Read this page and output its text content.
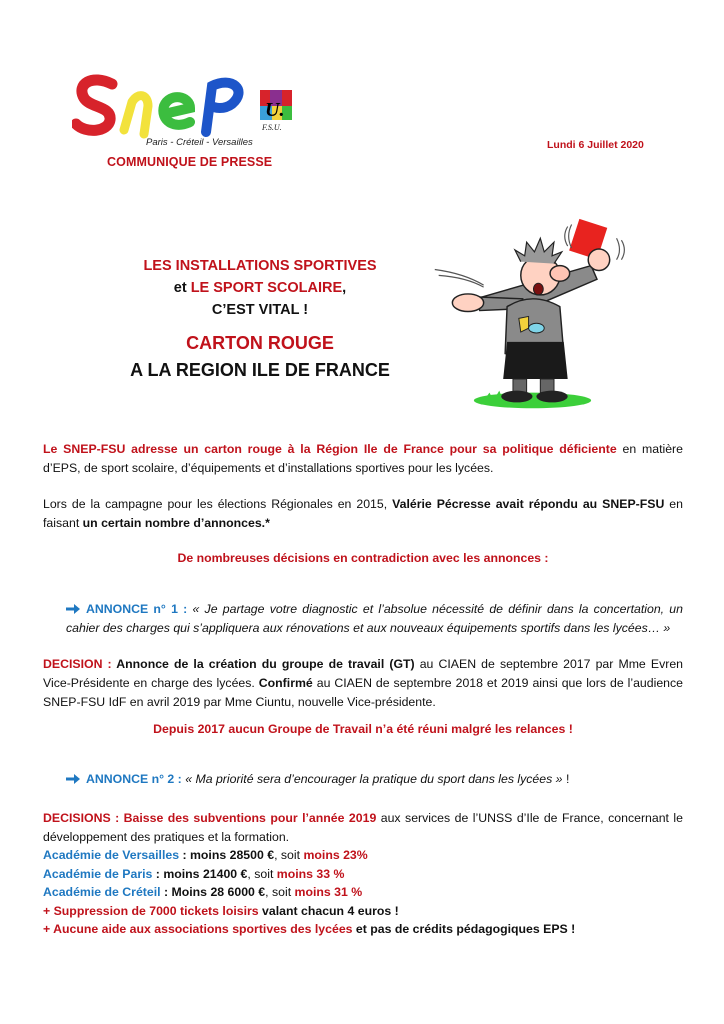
U.
F.S.U.
Paris - Créteil - Versailles
COMMUNIQUE DE PRESSE
Lundi 6 Juillet 2020
LES INSTALLATIONS SPORTIVES
et LE SPORT SCOLAIRE,
C’EST VITAL !
CARTON ROUGE
A LA REGION ILE DE FRANCE
Le SNEP-FSU adresse un carton rouge à la Région Ile de France pour sa politique déficiente en matière d’EPS, de sport scolaire, d’équipements et d’installations sportives pour les lycées.
Lors de la campagne pour les élections Régionales en 2015, Valérie Pécresse avait répondu au SNEP-FSU en faisant un certain nombre d’annonces.*
De nombreuses décisions en contradiction avec les annonces :
ANNONCE n° 1 : « Je partage votre diagnostic et l’absolue nécessité de définir dans la concertation, un cahier des charges qui s’appliquera aux rénovations et aux nouveaux équipements sportifs dans les lycées… »
DECISION : Annonce de la création du groupe de travail (GT) au CIAEN de septembre 2017 par Mme Evren Vice-Présidente en charge des lycées. Confirmé au CIAEN de septembre 2018 et 2019 ainsi que lors de l’audience SNEP-FSU IdF en avril 2019 par Mme Ciuntu, nouvelle Vice-présidente.
Depuis 2017 aucun Groupe de Travail n’a été réuni malgré les relances !
ANNONCE n° 2 : « Ma priorité sera d’encourager la pratique du sport dans les lycées » !
DECISIONS : Baisse des subventions pour l’année 2019 aux services de l’UNSS d’Ile de France, concernant le développement des pratiques et la formation.
Académie de Versailles : moins 28500 €, soit moins 23%
Académie de Paris : moins 21400 €, soit moins 33 %
Académie de Créteil : Moins 28 6000 €, soit moins 31 %
+ Suppression de 7000 tickets loisirs valant chacun 4 euros !
+ Aucune aide aux associations sportives des lycées et pas de crédits pédagogiques EPS !
